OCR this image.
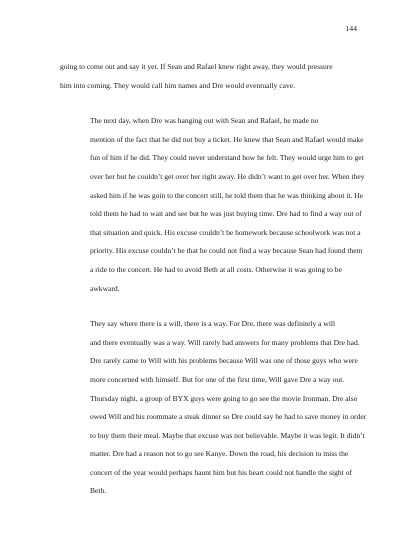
144

going to come out and say it yet. If Sean and Rafael knew right away, they would pressure
him into coming. They would call him names and Dre would eventually cave.

The next day, when Dre was hanging out with Sean and Rafael, he made no
mention of the fact that he did not buy a ticket. He knew that Sean and Rafael would make
fun of him if he did. They could never understand how he felt. They would urge him to get
over her but he couldn’t get over her right away. He didn’t want to get over her. When they
asked him if he was goin to the concert still, he told them that he was thinking about it. He
told them he had to wait and see but he was just buying time. Dre had to find a way out of
that situation and quick. His excuse couldn’t be homework because schoolwork was not a
priority. His excuse couldn’t be that he could not find a way because Sean had found them
a ride to the concert. He had to avoid Beth at all costs. Otherwise it was going to be
awkward.

They say where there is a will, there is a way. For Dre, there was definitely a will
and there eventually was a way. Will rarely had answers for many problems that Dre had.
Dre rarely came to Will with his problems because Will was one of those guys who were
more concerned with himself. But for one of the first time, Will gave Dre a way out.
Thursday night, a group of BYX guys were going to go see the movie Ironman. Dre also
owed Will and his roommate a steak dinner so Dre could say he had to save money in order
to buy them their meal. Maybe that excuse was not believable. Maybe it was legit. It didn’t
matter. Dre had a reason not to go see Kanye. Down the road, his decision to miss the
concert of the year would perhaps haunt him but his heart could not handle the sight of
Beth.
